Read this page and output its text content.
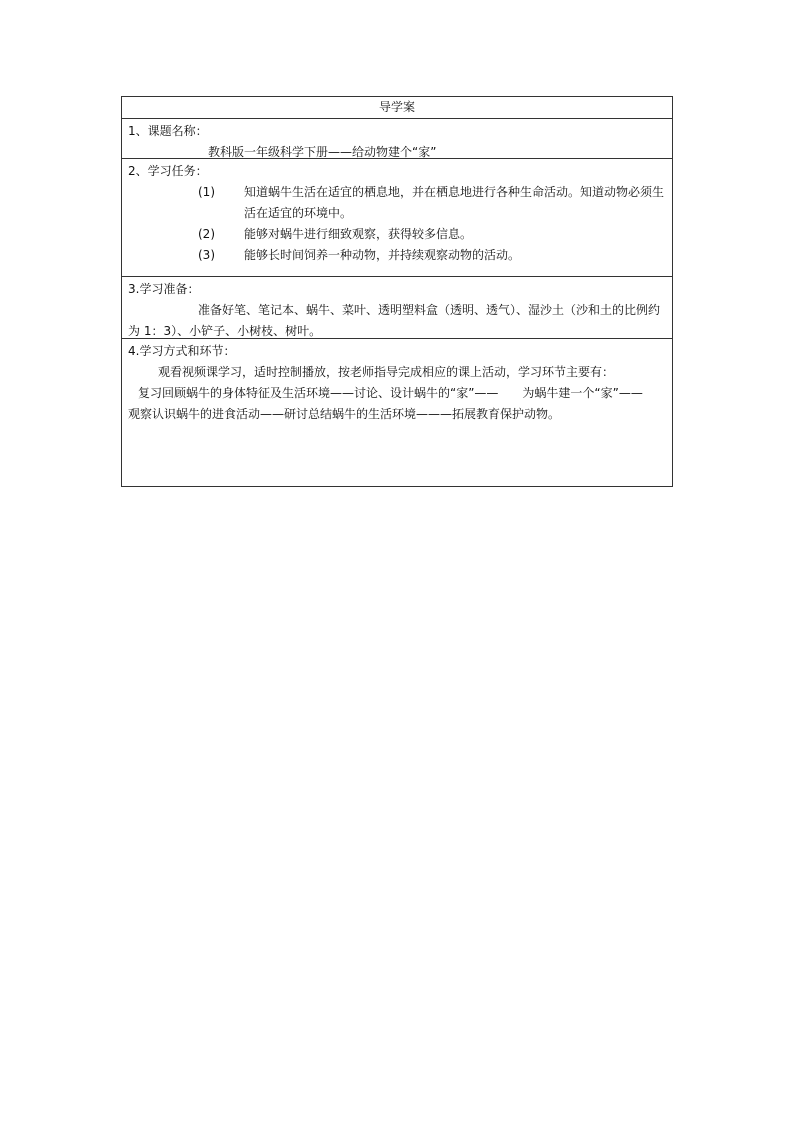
导学案
1、课题名称：
教科版一年级科学下册——给动物建个“家”
2、学习任务：
(1)	知道蜗牛生活在适宜的栖息地，并在栖息地进行各种生命活动。知道动物必须生活在适宜的环境中。
(2)	能够对蜗牛进行细致观察，获得较多信息。
(3)	能够长时间饲养一种动物，并持续观察动物的活动。
3.学习准备：
准备好笔、笔记本、蜗牛、菜叶、透明塑料盒（透明、透气）、湿沙土（沙和土的比例约为 1：3）、小铲子、小树枝、树叶。
4.学习方式和环节：
观看视频课学习，适时控制播放，按老师指导完成相应的课上活动，学习环节主要有：
复习回顾蜗牛的身体特征及生活环境——讨论、设计蜗牛的“家”——　　为蜗牛建一个“家”——　观察认识蜗牛的进食活动——研讨总结蜗牛的生活环境———拓展教育保护动物。
